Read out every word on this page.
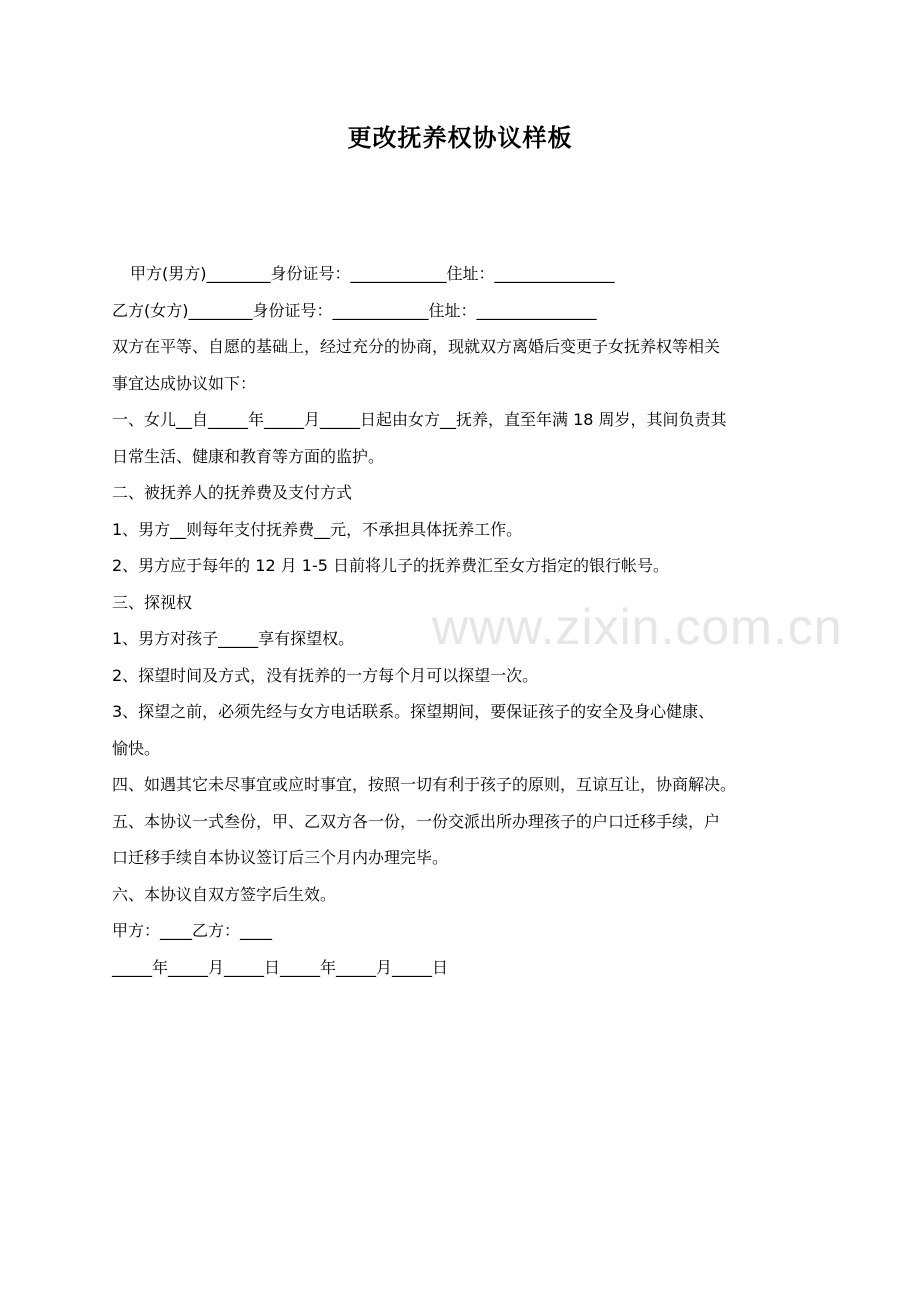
更改抚养权协议样板
甲方(男方)________身份证号：____________住址：_______________
乙方(女方)________身份证号：____________住址：_______________
双方在平等、自愿的基础上，经过充分的协商，现就双方离婚后变更子女抚养权等相关
事宜达成协议如下：
一、女儿__自_____年_____月_____日起由女方__抚养，直至年满 18 周岁，其间负责其
日常生活、健康和教育等方面的监护。
二、被抚养人的抚养费及支付方式
1、男方__则每年支付抚养费__元，不承担具体抚养工作。
2、男方应于每年的 12 月 1-5 日前将儿子的抚养费汇至女方指定的银行帐号。
三、探视权
1、男方对孩子_____享有探望权。
2、探望时间及方式，没有抚养的一方每个月可以探望一次。
3、探望之前，必须先经与女方电话联系。探望期间，要保证孩子的安全及身心健康、
愉快。
四、如遇其它未尽事宜或应时事宜，按照一切有利于孩子的原则，互谅互让，协商解决。
五、本协议一式叁份，甲、乙双方各一份，一份交派出所办理孩子的户口迁移手续，户
口迁移手续自本协议签订后三个月内办理完毕。
六、本协议自双方签字后生效。
甲方：____乙方：____
_____年_____月_____日_____年_____月_____日
www.zixin.com.cn
